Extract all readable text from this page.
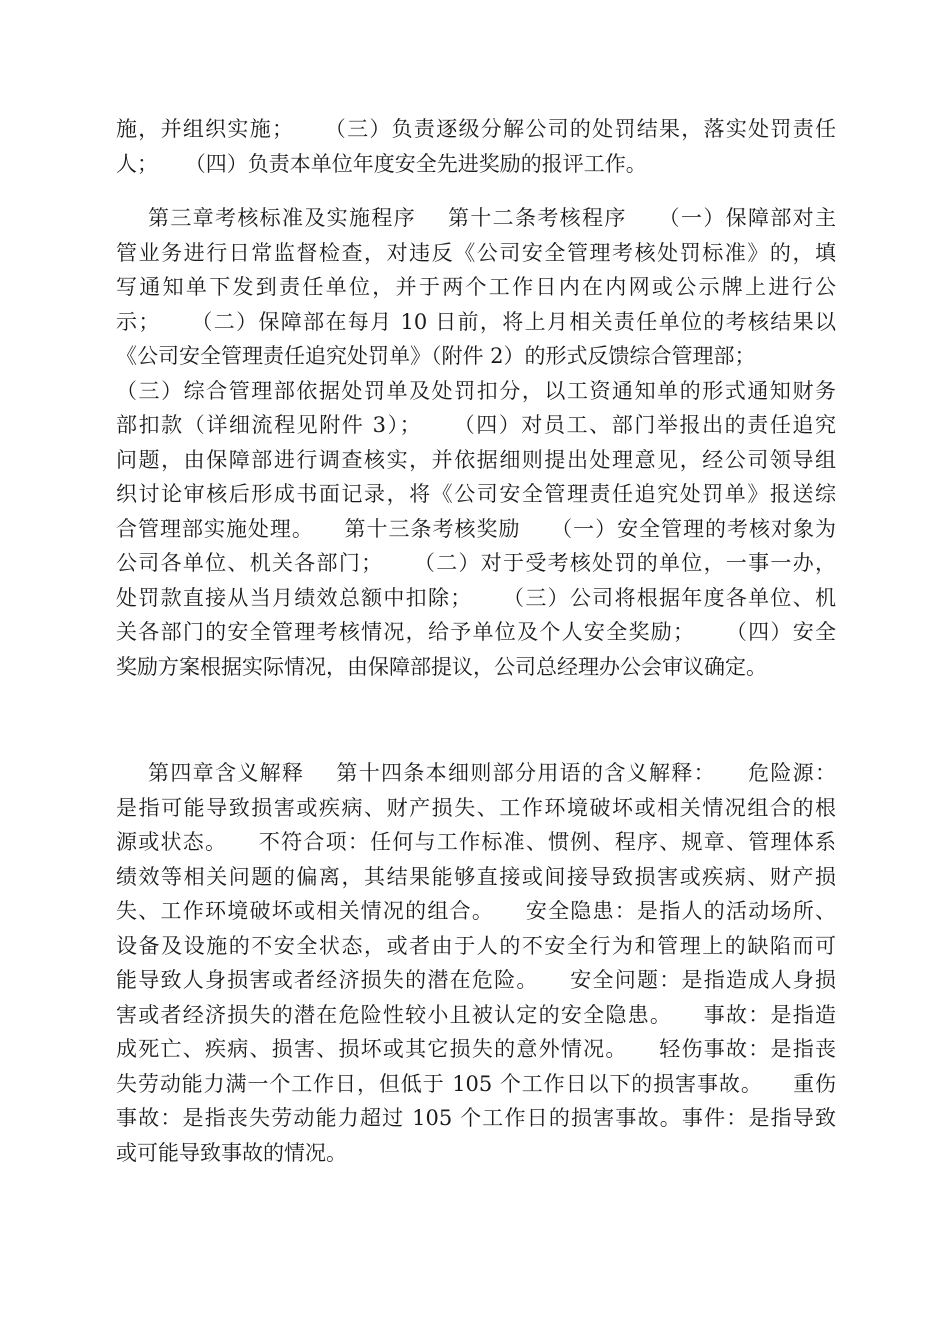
施，并组织实施；    （三）负责逐级分解公司的处罚结果，落实处罚责任
人；    （四）负责本单位年度安全先进奖励的报评工作。
第三章考核标准及实施程序    第十二条考核程序    （一）保障部对主
管业务进行日常监督检查，对违反《公司安全管理考核处罚标准》的，填
写通知单下发到责任单位，并于两个工作日内在内网或公示牌上进行公
示；    （二）保障部在每月 10 日前，将上月相关责任单位的考核结果以
《公司安全管理责任追究处罚单》（附件 2）的形式反馈综合管理部；
（三）综合管理部依据处罚单及处罚扣分，以工资通知单的形式通知财务
部扣款（详细流程见附件 3）；    （四）对员工、部门举报出的责任追究
问题，由保障部进行调查核实，并依据细则提出处理意见，经公司领导组
织讨论审核后形成书面记录，将《公司安全管理责任追究处罚单》报送综
合管理部实施处理。    第十三条考核奖励    （一）安全管理的考核对象为
公司各单位、机关各部门；    （二）对于受考核处罚的单位，一事一办，
处罚款直接从当月绩效总额中扣除；    （三）公司将根据年度各单位、机
关各部门的安全管理考核情况，给予单位及个人安全奖励；    （四）安全
奖励方案根据实际情况，由保障部提议，公司总经理办公会审议确定。
第四章含义解释    第十四条本细则部分用语的含义解释：    危险源：
是指可能导致损害或疾病、财产损失、工作环境破坏或相关情况组合的根
源或状态。    不符合项：任何与工作标准、惯例、程序、规章、管理体系
绩效等相关问题的偏离，其结果能够直接或间接导致损害或疾病、财产损
失、工作环境破坏或相关情况的组合。    安全隐患：是指人的活动场所、
设备及设施的不安全状态，或者由于人的不安全行为和管理上的缺陷而可
能导致人身损害或者经济损失的潜在危险。    安全问题：是指造成人身损
害或者经济损失的潜在危险性较小且被认定的安全隐患。    事故：是指造
成死亡、疾病、损害、损坏或其它损失的意外情况。    轻伤事故：是指丧
失劳动能力满一个工作日，但低于 105 个工作日以下的损害事故。    重伤
事故：是指丧失劳动能力超过 105 个工作日的损害事故。事件：是指导致
或可能导致事故的情况。
